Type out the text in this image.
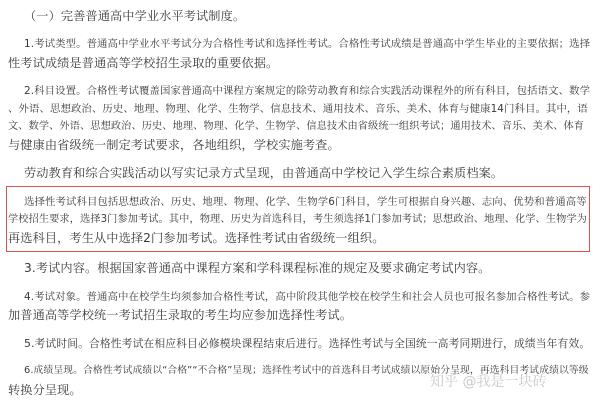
（一）完善普通高中学业水平考试制度。
1.考试类型。普通高中学业水平考试分为合格性考试和选择性考试。合格性考试成绩是普通高中学生毕业的主要依据；选择
性考试成绩是普通高等学校招生录取的重要依据。
2.科目设置。合格性考试覆盖国家普通高中课程方案规定的除劳动教育和综合实践活动课程外的所有科目，包括语文、数学
、外语、思想政治、历史、地理、物理、化学、生物学、信息技术、通用技术、音乐、美术、体育与健康14门科目。其中，语
文、数学、外语、思想政治、历史、地理、物理、化学、生物学、信息技术由省级统一组织考试；通用技术、音乐、美术、体育
与健康由省级统一制定考试要求，各地组织，学校实施考查。
劳动教育和综合实践活动以写实记录方式呈现，由普通高中学校记入学生综合素质档案。
选择性考试科目包括思想政治、历史、地理、物理、化学、生物学6门科目，学生可根据自身兴趣、志向、优势和普通高等
学校招生要求，选择3门参加考试。其中，物理、历史为首选科目，考生须选择1门参加考试；思想政治、地理、化学、生物学为
再选科目，考生从中选择2门参加考试。选择性考试由省级统一组织。
3.考试内容。根据国家普通高中课程方案和学科课程标准的规定及要求确定考试内容。
4.考试对象。普通高中在校学生均须参加合格性考试，高中阶段其他学校在校学生和社会人员也可报名参加合格性考试。参
加普通高等学校统一考试招生录取的考生均应参加选择性考试。
5.考试时间。合格性考试在相应科目必修模块课程结束后进行。选择性考试与全国统一高考同期进行，成绩当年有效。
6.成绩呈现。合格性考试成绩以“合格”“不合格”呈现；选择性考试中的首选科目考试成绩以原始分呈现，再选科目考试成绩以等级
转换分呈现。	知乎 @我是一块砖
